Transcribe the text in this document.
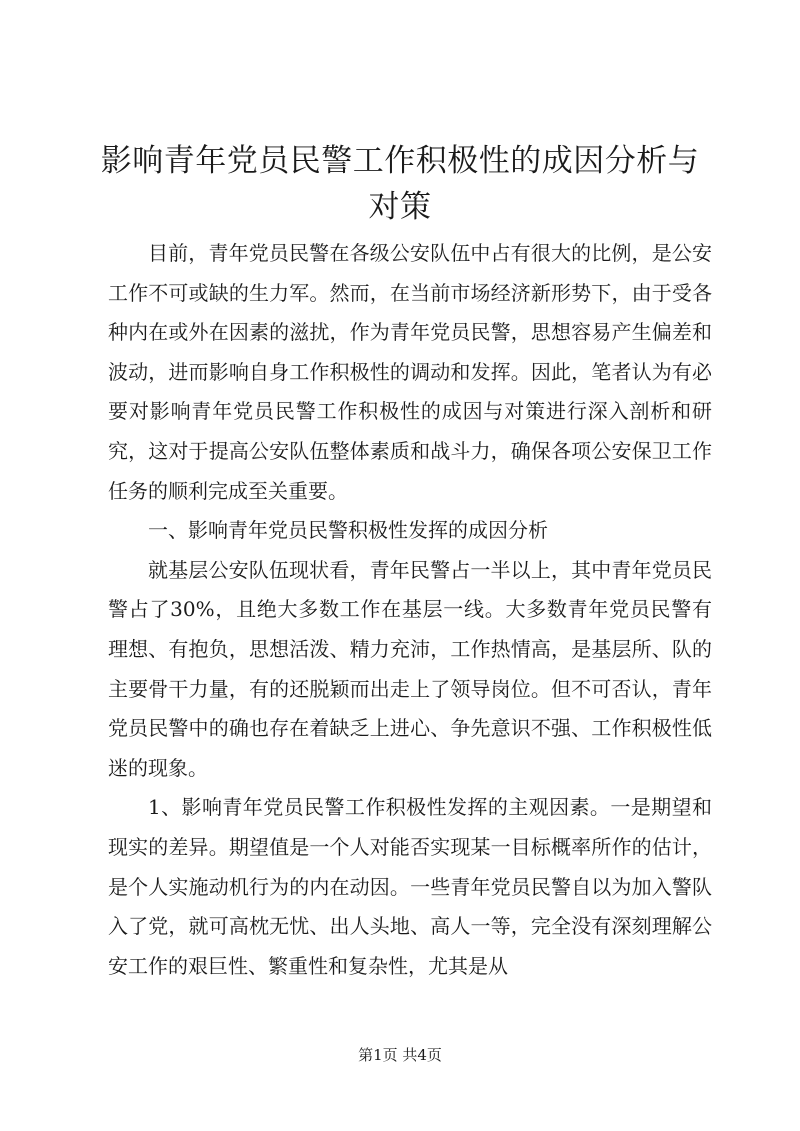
影响青年党员民警工作积极性的成因分析与对策

目前，青年党员民警在各级公安队伍中占有很大的比例，是公安工作不可或缺的生力军。然而，在当前市场经济新形势下，由于受各种内在或外在因素的滋扰，作为青年党员民警，思想容易产生偏差和波动，进而影响自身工作积极性的调动和发挥。因此，笔者认为有必要对影响青年党员民警工作积极性的成因与对策进行深入剖析和研究，这对于提高公安队伍整体素质和战斗力，确保各项公安保卫工作任务的顺利完成至关重要。

一、影响青年党员民警积极性发挥的成因分析

就基层公安队伍现状看，青年民警占一半以上，其中青年党员民警占了30%，且绝大多数工作在基层一线。大多数青年党员民警有理想、有抱负，思想活泼、精力充沛，工作热情高，是基层所、队的主要骨干力量，有的还脱颖而出走上了领导岗位。但不可否认，青年党员民警中的确也存在着缺乏上进心、争先意识不强、工作积极性低迷的现象。

1、影响青年党员民警工作积极性发挥的主观因素。一是期望和现实的差异。期望值是一个人对能否实现某一目标概率所作的估计，是个人实施动机行为的内在动因。一些青年党员民警自以为加入警队入了党，就可高枕无忧、出人头地、高人一等，完全没有深刻理解公安工作的艰巨性、繁重性和复杂性，尤其是从

第1页 共4页
